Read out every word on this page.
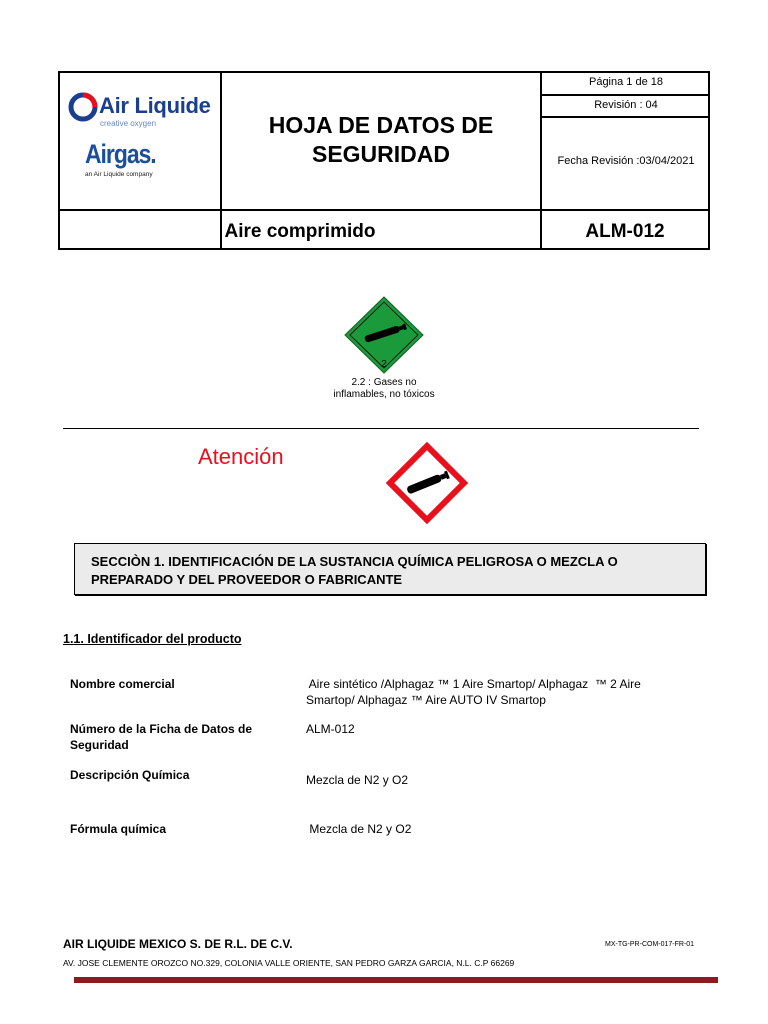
Air Liquide
creative oxygen
Airgas.
an Air Liquide company
HOJA DE DATOS DE
SEGURIDAD
Página 1 de 18
Revisión : 04
Fecha Revisión :03/04/2021
Aire comprimido	ALM-012
2
2.2 : Gases no
inflamables, no tóxicos
Atención
SECCIÒN 1. IDENTIFICACIÓN DE LA SUSTANCIA QUÍMICA PELIGROSA O MEZCLA O
PREPARADO Y DEL PROVEEDOR O FABRICANTE
1.1. Identificador del producto
Nombre comercial	Aire sintético /Alphagaz ™ 1 Aire Smartop/ Alphagaz  ™ 2 Aire
Smartop/ Alphagaz ™ Aire AUTO IV Smartop
Número de la Ficha de Datos de
Seguridad
ALM-012
Descripción Química	Mezcla de N2 y O2
Fórmula química	Mezcla de N2 y O2
AIR LIQUIDE MEXICO S. DE R.L. DE C.V.	MX-TG-PR-COM-017-FR-01
AV. JOSE CLEMENTE OROZCO NO.329, COLONIA VALLE ORIENTE, SAN PEDRO GARZA GARCIA, N.L. C.P 66269
